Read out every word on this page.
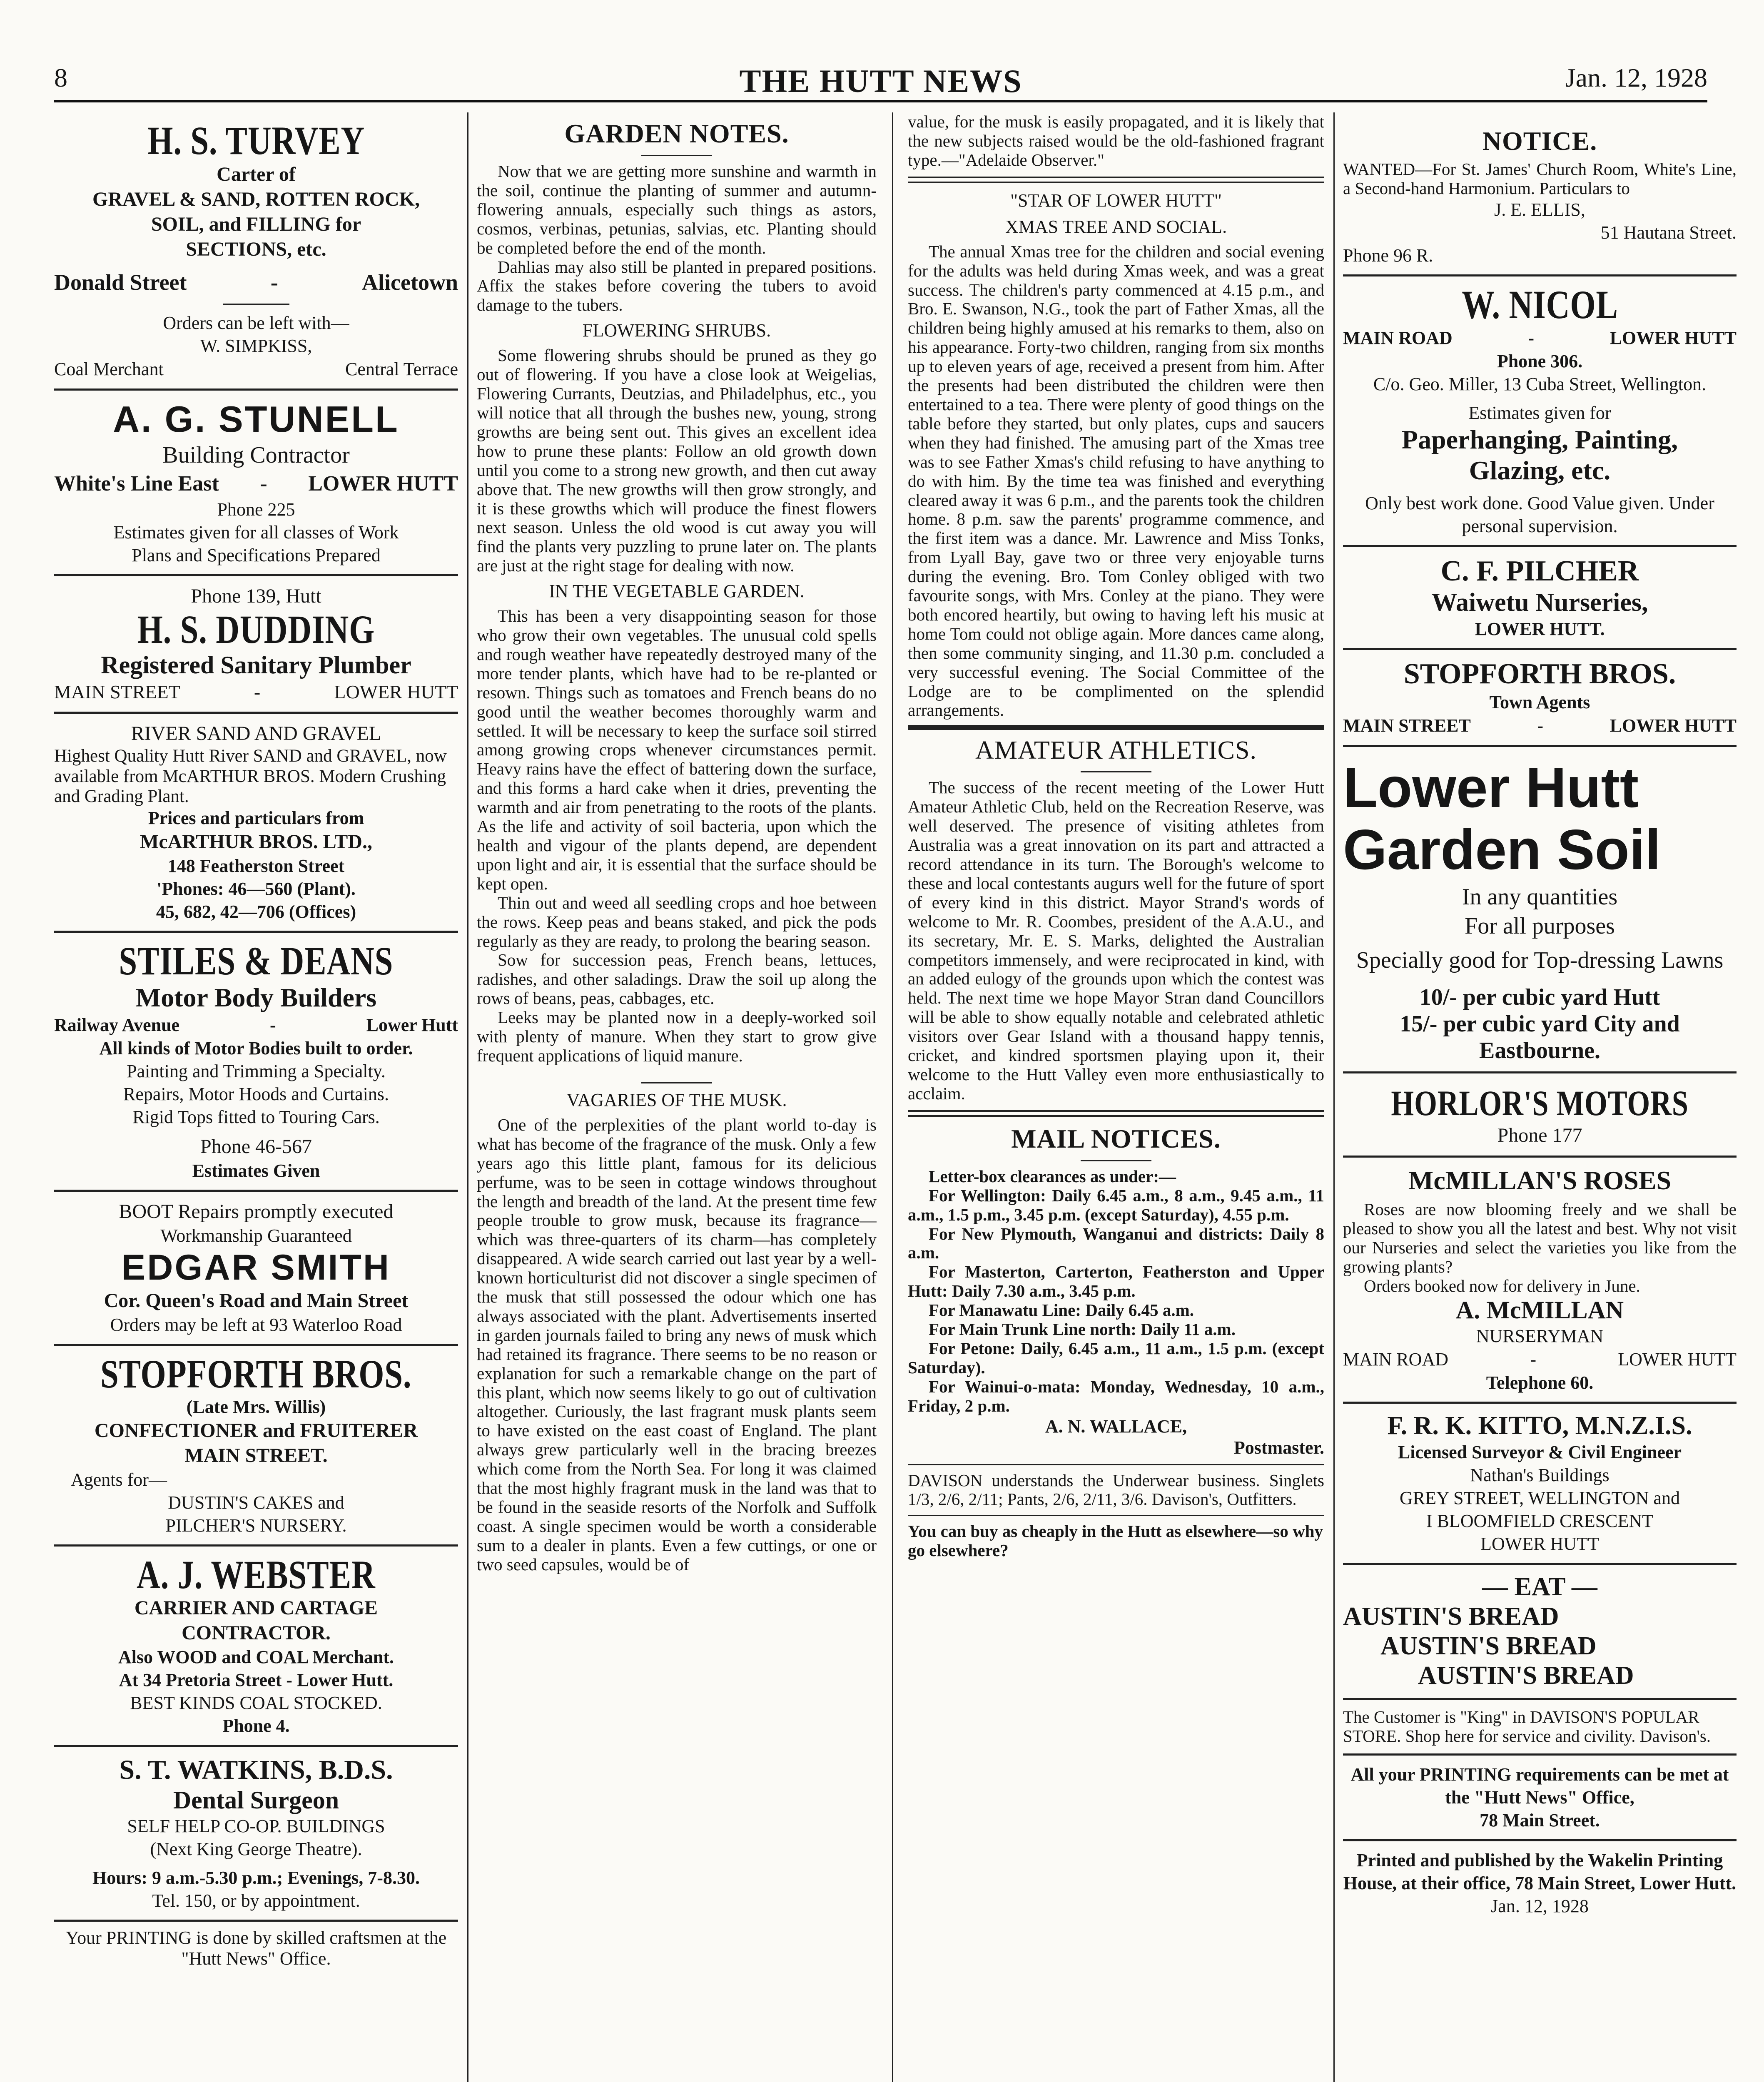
8	THE HUTT NEWS	Jan. 12, 1928
H. S. TURVEY
Carter of
GRAVEL & SAND, ROTTEN ROCK,
SOIL, and FILLING for
SECTIONS, etc.
Donald Street	-	Alicetown
Orders can be left with—
W. SIMPKISS,
Coal Merchant	Central Terrace
A. G. STUNELL
Building Contractor
White's Line East - LOWER HUTT
Phone 225
Estimates given for all classes of Work
Plans and Specifications Prepared
Phone 139, Hutt
H. S. DUDDING
Registered Sanitary Plumber
MAIN STREET	-	LOWER HUTT
RIVER SAND AND GRAVEL
Highest Quality Hutt River SAND and GRAVEL, now available from McARTHUR BROS. Modern Crushing and Grading Plant.
Prices and particulars from
McARTHUR BROS. LTD.,
148 Featherston Street
'Phones: 46—560 (Plant).
45, 682, 42—706 (Offices)
STILES & DEANS
Motor Body Builders
Railway Avenue	-	Lower Hutt
All kinds of Motor Bodies built to order.
Painting and Trimming a Specialty.
Repairs, Motor Hoods and Curtains.
Rigid Tops fitted to Touring Cars.
Phone 46-567
Estimates Given
BOOT Repairs promptly executed
Workmanship Guaranteed
EDGAR SMITH
Cor. Queen's Road and Main Street
Orders may be left at 93 Waterloo Road
STOPFORTH BROS.
(Late Mrs. Willis)
CONFECTIONER and FRUITERER
MAIN STREET.
Agents for—
DUSTIN'S CAKES and
PILCHER'S NURSERY.
A. J. WEBSTER
CARRIER AND CARTAGE
CONTRACTOR.
Also WOOD and COAL Merchant.
At 34 Pretoria Street - Lower Hutt.
BEST KINDS COAL STOCKED.
Phone 4.
S. T. WATKINS, B.D.S.
Dental Surgeon
SELF HELP CO-OP. BUILDINGS
(Next King George Theatre).
Hours: 9 a.m.-5.30 p.m.; Evenings, 7-8.30.
Tel. 150, or by appointment.
Your PRINTING is done by skilled craftsmen at the "Hutt News" Office.
GARDEN NOTES.

Now that we are getting more sunshine and warmth in the soil, continue the planting of summer and autumn-flowering annuals, especially such things as astors, cosmos, verbinas, petunias, salvias, etc. Planting should be completed before the end of the month.

Dahlias may also still be planted in prepared positions. Affix the stakes before covering the tubers to avoid damage to the tubers.

FLOWERING SHRUBS.

Some flowering shrubs should be pruned as they go out of flowering. If you have a close look at Weigelias, Flowering Currants, Deutzias, and Philadelphus, etc., you will notice that all through the bushes new, young, strong growths are being sent out. This gives an excellent idea how to prune these plants: Follow an old growth down until you come to a strong new growth, and then cut away above that. The new growths will then grow strongly, and it is these growths which will produce the finest flowers next season. Unless the old wood is cut away you will find the plants very puzzling to prune later on. The plants are just at the right stage for dealing with now.

IN THE VEGETABLE GARDEN.

This has been a very disappointing season for those who grow their own vegetables. The unusual cold spells and rough weather have repeatedly destroyed many of the more tender plants, which have had to be re-planted or resown. Things such as tomatoes and French beans do no good until the weather becomes thoroughly warm and settled. It will be necessary to keep the surface soil stirred among growing crops whenever circumstances permit. Heavy rains have the effect of battering down the surface, and this forms a hard cake when it dries, preventing the warmth and air from penetrating to the roots of the plants. As the life and activity of soil bacteria, upon which the health and vigour of the plants depend, are dependent upon light and air, it is essential that the surface should be kept open.

Thin out and weed all seedling crops and hoe between the rows. Keep peas and beans staked, and pick the pods regularly as they are ready, to prolong the bearing season.

Sow for succession peas, French beans, lettuces, radishes, and other saladings. Draw the soil up along the rows of beans, peas, cabbages, etc.

Leeks may be planted now in a deeply-worked soil with plenty of manure. When they start to grow give frequent applications of liquid manure.

VAGARIES OF THE MUSK.

One of the perplexities of the plant world to-day is what has become of the fragrance of the musk. Only a few years ago this little plant, famous for its delicious perfume, was to be seen in cottage windows throughout the length and breadth of the land. At the present time few people trouble to grow musk, because its fragrance—which was three-quarters of its charm—has completely disappeared. A wide search carried out last year by a well-known horticulturist did not discover a single specimen of the musk that still possessed the odour which one has always associated with the plant. Advertisements inserted in garden journals failed to bring any news of musk which had retained its fragrance. There seems to be no reason or explanation for such a remarkable change on the part of this plant, which now seems likely to go out of cultivation altogether. Curiously, the last fragrant musk plants seem to have existed on the east coast of England. The plant always grew particularly well in the bracing breezes which come from the North Sea. For long it was claimed that the most highly fragrant musk in the land was that to be found in the seaside resorts of the Norfolk and Suffolk coast. A single specimen would be worth a considerable sum to a dealer in plants. Even a few cuttings, or one or two seed capsules, would be of

value, for the musk is easily propagated, and it is likely that the new subjects raised would be the old-fashioned fragrant type.—"Adelaide Observer."
"STAR OF LOWER HUTT"
XMAS TREE AND SOCIAL.

The annual Xmas tree for the children and social evening for the adults was held during Xmas week, and was a great success. The children's party commenced at 4.15 p.m., and Bro. E. Swanson, N.G., took the part of Father Xmas, all the children being highly amused at his remarks to them, also on his appearance. Forty-two children, ranging from six months up to eleven years of age, received a present from him. After the presents had been distributed the children were then entertained to a tea. There were plenty of good things on the table before they started, but only plates, cups and saucers when they had finished. The amusing part of the Xmas tree was to see Father Xmas's child refusing to have anything to do with him. By the time tea was finished and everything cleared away it was 6 p.m., and the parents took the children home. 8 p.m. saw the parents' programme commence, and the first item was a dance. Mr. Lawrence and Miss Tonks, from Lyall Bay, gave two or three very enjoyable turns during the evening. Bro. Tom Conley obliged with two favourite songs, with Mrs. Conley at the piano. They were both encored heartily, but owing to having left his music at home Tom could not oblige again. More dances came along, then some community singing, and 11.30 p.m. concluded a very successful evening. The Social Committee of the Lodge are to be complimented on the splendid arrangements.

AMATEUR ATHLETICS.

The success of the recent meeting of the Lower Hutt Amateur Athletic Club, held on the Recreation Reserve, was well deserved. The presence of visiting athletes from Australia was a great innovation on its part and attracted a record attendance in its turn. The Borough's welcome to these and local contestants augurs well for the future of sport of every kind in this district. Mayor Strand's words of welcome to Mr. R. Coombes, president of the A.A.U., and its secretary, Mr. E. S. Marks, delighted the Australian competitors immensely, and were reciprocated in kind, with an added eulogy of the grounds upon which the contest was held. The next time we hope Mayor Stran dand Councillors will be able to show equally notable and celebrated athletic visitors over Gear Island with a thousand happy tennis, cricket, and kindred sportsmen playing upon it, their welcome to the Hutt Valley even more enthusiastically to acclaim.

MAIL NOTICES.

Letter-box clearances as under:—

For Wellington: Daily 6.45 a.m., 8 a.m., 9.45 a.m., 11 a.m., 1.5 p.m., 3.45 p.m. (except Saturday), 4.55 p.m.

For New Plymouth, Wanganui and districts: Daily 8 a.m.

For Masterton, Carterton, Featherston and Upper Hutt: Daily 7.30 a.m., 3.45 p.m.

For Manawatu Line: Daily 6.45 a.m.

For Main Trunk Line north: Daily 11 a.m.

For Petone: Daily, 6.45 a.m., 11 a.m., 1.5 p.m. (except Saturday).

For Wainui-o-mata: Monday, Wednesday, 10 a.m., Friday, 2 p.m.

A. N. WALLACE,
Postmaster.
DAVISON understands the Underwear business. Singlets 1/3, 2/6, 2/11; Pants, 2/6, 2/11, 3/6. Davison's, Outfitters.
You can buy as cheaply in the Hutt as elsewhere—so why go elsewhere?
NOTICE.
WANTED—For St. James' Church Room, White's Line, a Second-hand Harmonium. Particulars to
J. E. ELLIS,
51 Hautana Street.
Phone 96 R.
W. NICOL
MAIN ROAD	-	LOWER HUTT
Phone 306.
C/o. Geo. Miller, 13 Cuba Street, Wellington.
Estimates given for
Paperhanging, Painting,
Glazing, etc.
Only best work done. Good Value given. Under personal supervision.
C. F. PILCHER
Waiwetu Nurseries,
LOWER HUTT.
STOPFORTH BROS.
Town Agents
MAIN STREET	-	LOWER HUTT
Lower Hutt
Garden Soil
In any quantities
For all purposes
Specially good for Top-dressing Lawns
10/- per cubic yard Hutt
15/- per cubic yard City and Eastbourne.
HORLOR'S MOTORS
Phone 177
McMILLAN'S ROSES

Roses are now blooming freely and we shall be pleased to show you all the latest and best. Why not visit our Nurseries and select the varieties you like from the growing plants?

Orders booked now for delivery in June.

A. McMILLAN
NURSERYMAN
MAIN ROAD	-	LOWER HUTT
Telephone 60.
F. R. K. KITTO, M.N.Z.I.S.
Licensed Surveyor & Civil Engineer
Nathan's Buildings
GREY STREET, WELLINGTON and
I BLOOMFIELD CRESCENT
LOWER HUTT
— EAT —
AUSTIN'S BREAD
AUSTIN'S BREAD
AUSTIN'S BREAD
The Customer is "King" in DAVISON'S POPULAR STORE. Shop here for service and civility. Davison's.
All your PRINTING requirements can be met at the "Hutt News" Office,
78 Main Street.
Printed and published by the Wakelin Printing House, at their office, 78 Main Street, Lower Hutt.
Jan. 12, 1928
